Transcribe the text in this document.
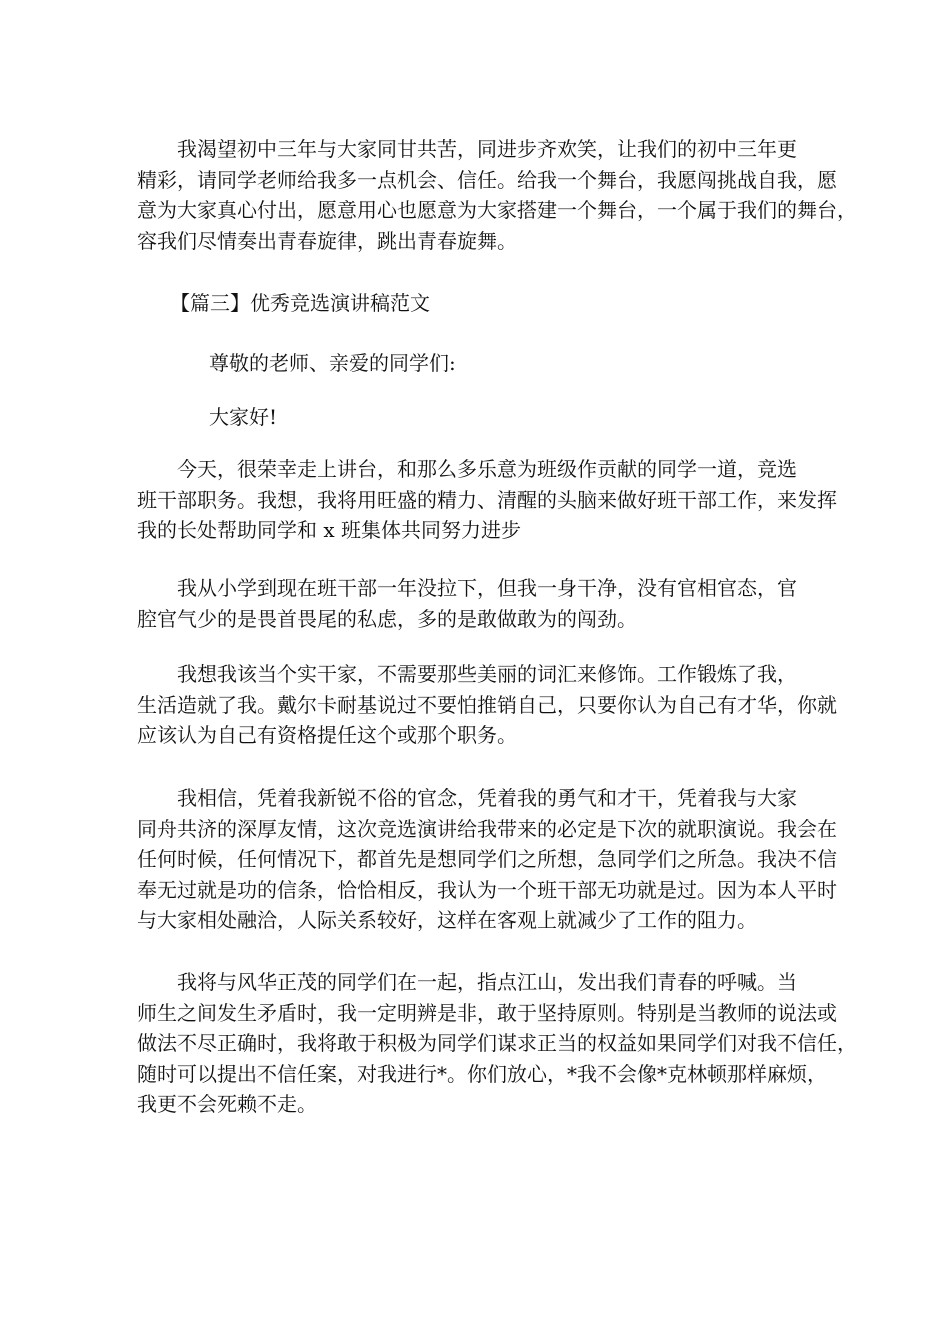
我渴望初中三年与大家同甘共苦，同进步齐欢笑，让我们的初中三年更
精彩，请同学老师给我多一点机会、信任。给我一个舞台，我愿闯挑战自我，愿
意为大家真心付出，愿意用心也愿意为大家搭建一个舞台，一个属于我们的舞台，
容我们尽情奏出青春旋律，跳出青春旋舞。

【篇三】优秀竞选演讲稿范文

尊敬的老师、亲爱的同学们:

大家好!

今天，很荣幸走上讲台，和那么多乐意为班级作贡献的同学一道，竞选
班干部职务。我想，我将用旺盛的精力、清醒的头脑来做好班干部工作，来发挥
我的长处帮助同学和 x 班集体共同努力进步
我从小学到现在班干部一年没拉下，但我一身干净，没有官相官态，官
腔官气少的是畏首畏尾的私虑，多的是敢做敢为的闯劲。
我想我该当个实干家，不需要那些美丽的词汇来修饰。工作锻炼了我，
生活造就了我。戴尔卡耐基说过不要怕推销自己，只要你认为自己有才华，你就
应该认为自己有资格提任这个或那个职务。
我相信，凭着我新锐不俗的官念，凭着我的勇气和才干，凭着我与大家
同舟共济的深厚友情，这次竞选演讲给我带来的必定是下次的就职演说。我会在
任何时候，任何情况下，都首先是想同学们之所想，急同学们之所急。我决不信
奉无过就是功的信条，恰恰相反，我认为一个班干部无功就是过。因为本人平时
与大家相处融洽，人际关系较好，这样在客观上就减少了工作的阻力。
我将与风华正茂的同学们在一起，指点江山，发出我们青春的呼喊。当
师生之间发生矛盾时，我一定明辨是非，敢于坚持原则。特别是当教师的说法或
做法不尽正确时，我将敢于积极为同学们谋求正当的权益如果同学们对我不信任，
随时可以提出不信任案，对我进行*。你们放心，*我不会像*克林顿那样麻烦，
我更不会死赖不走。
